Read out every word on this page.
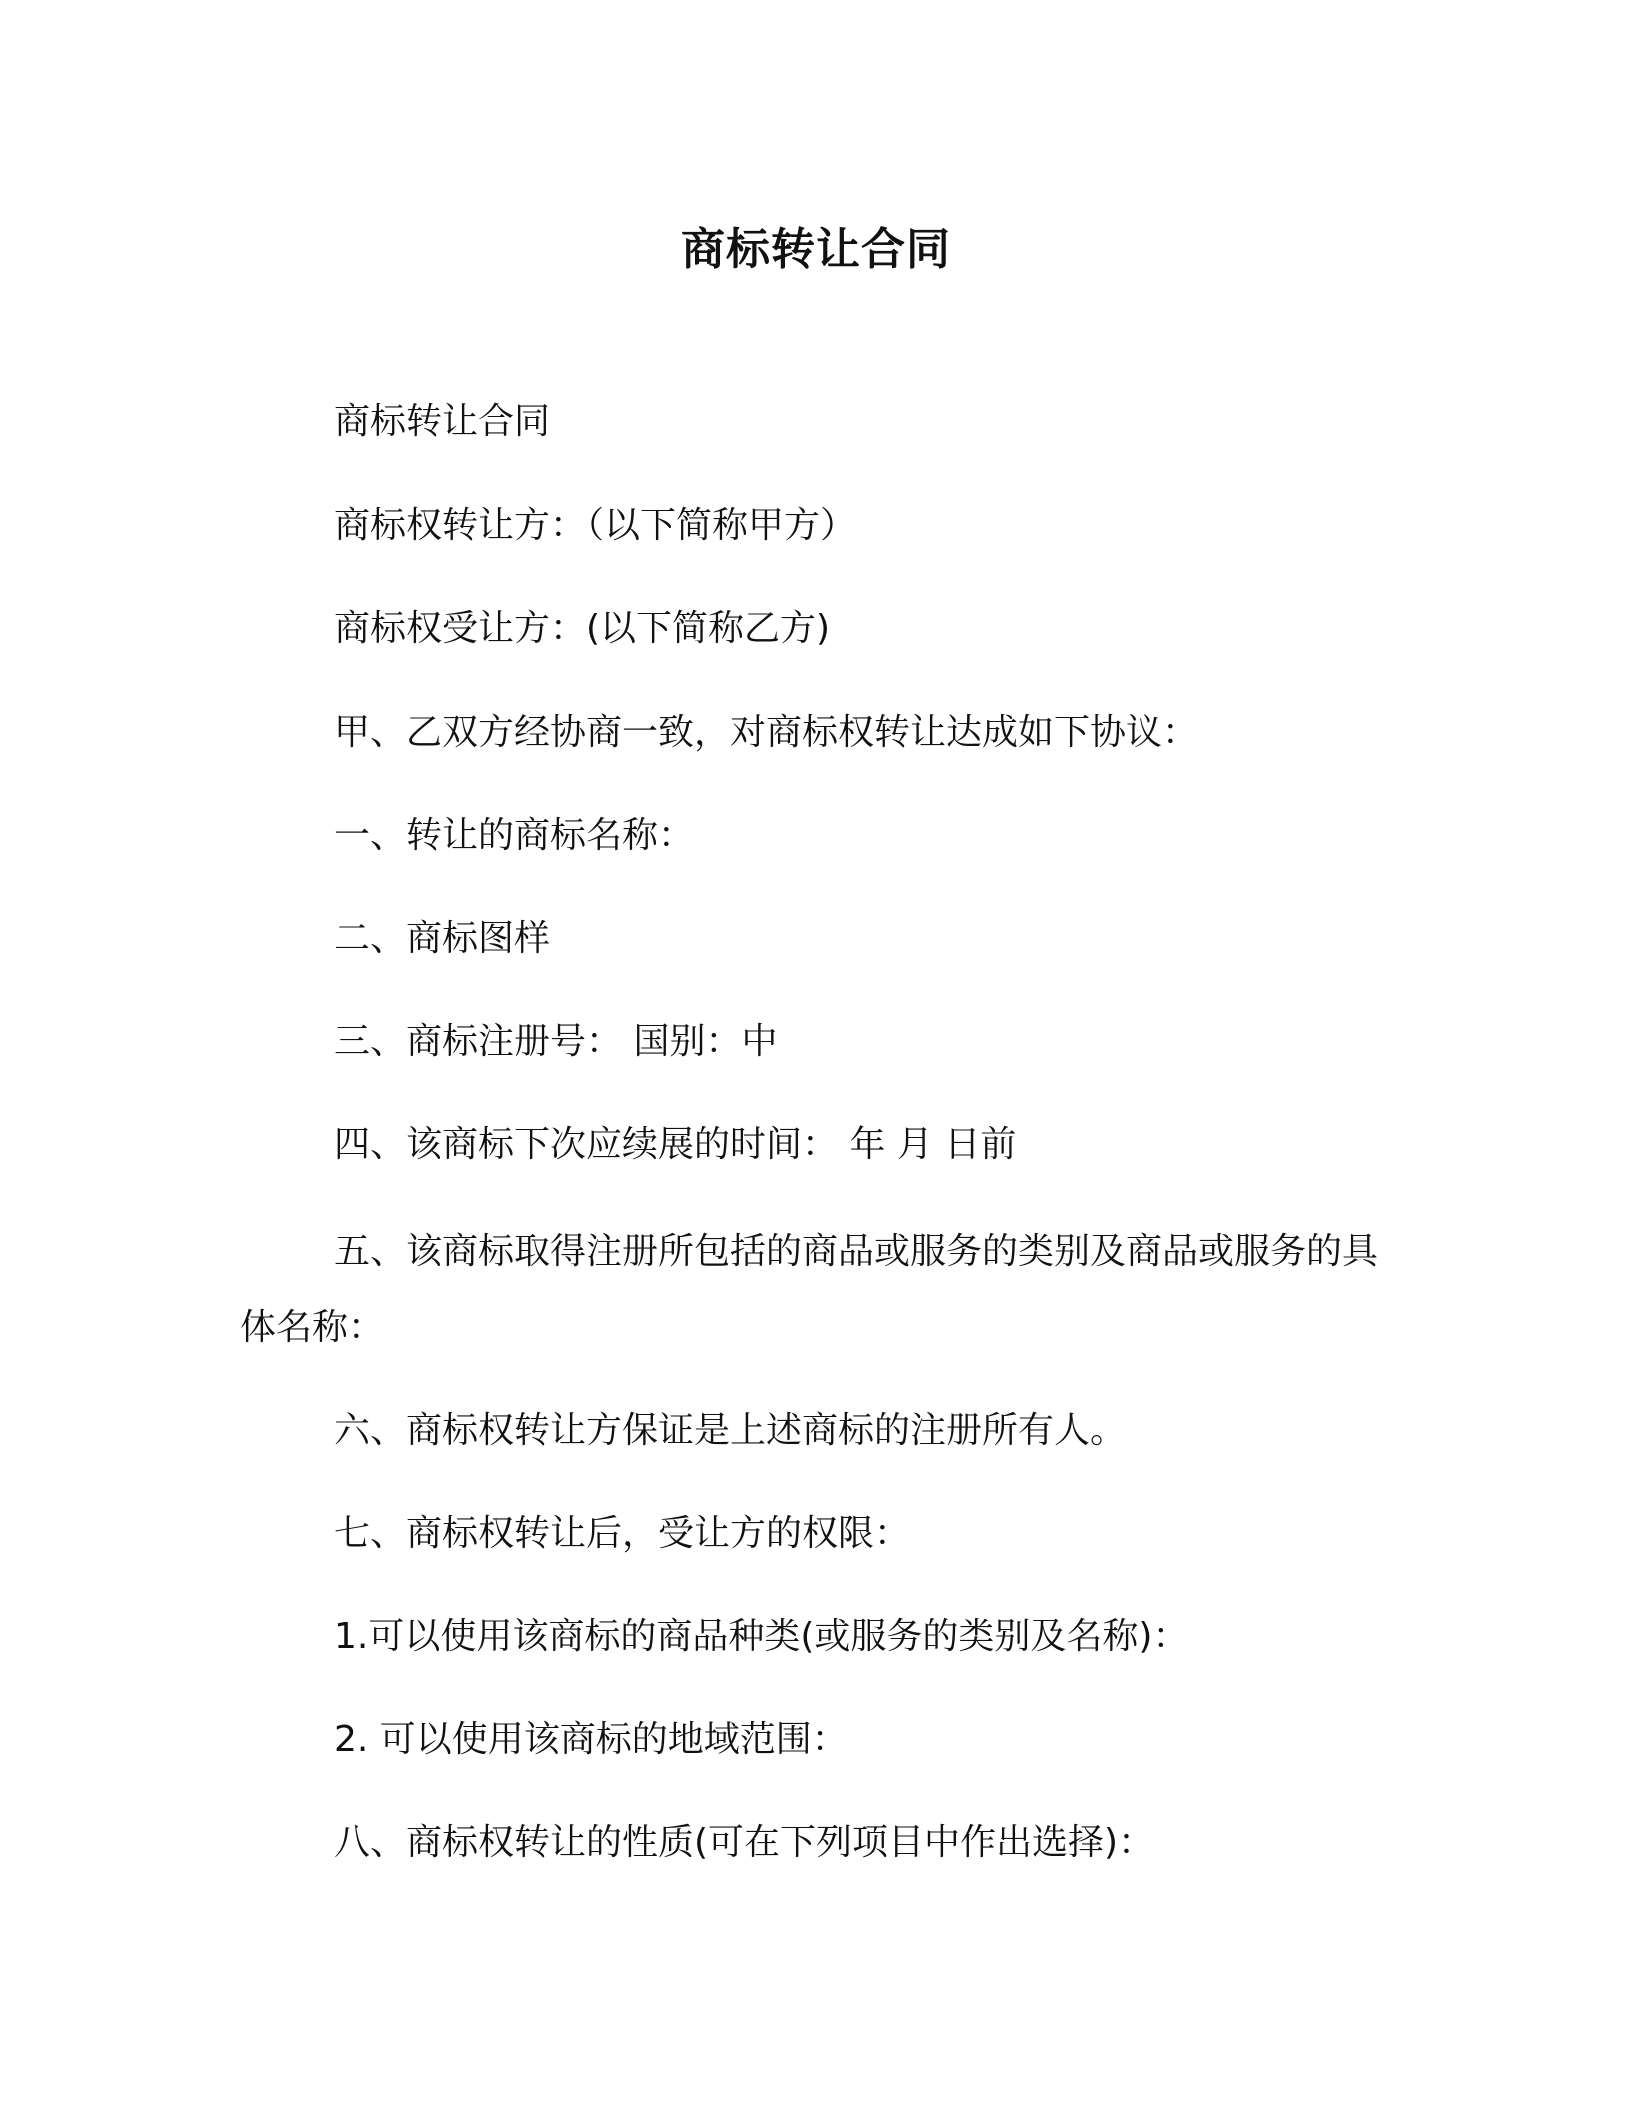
商标转让合同
商标转让合同
商标权转让方：（以下简称甲方）
商标权受让方：(以下简称乙方)
甲、乙双方经协商一致，对商标权转让达成如下协议：
一、转让的商标名称：
二、商标图样
三、商标注册号： 国别：中
四、该商标下次应续展的时间： 年 月 日前
五、该商标取得注册所包括的商品或服务的类别及商品或服务的具体名称：
六、商标权转让方保证是上述商标的注册所有人。
七、商标权转让后，受让方的权限：
1.可以使用该商标的商品种类(或服务的类别及名称)：
2. 可以使用该商标的地域范围：
八、商标权转让的性质(可在下列项目中作出选择)：
